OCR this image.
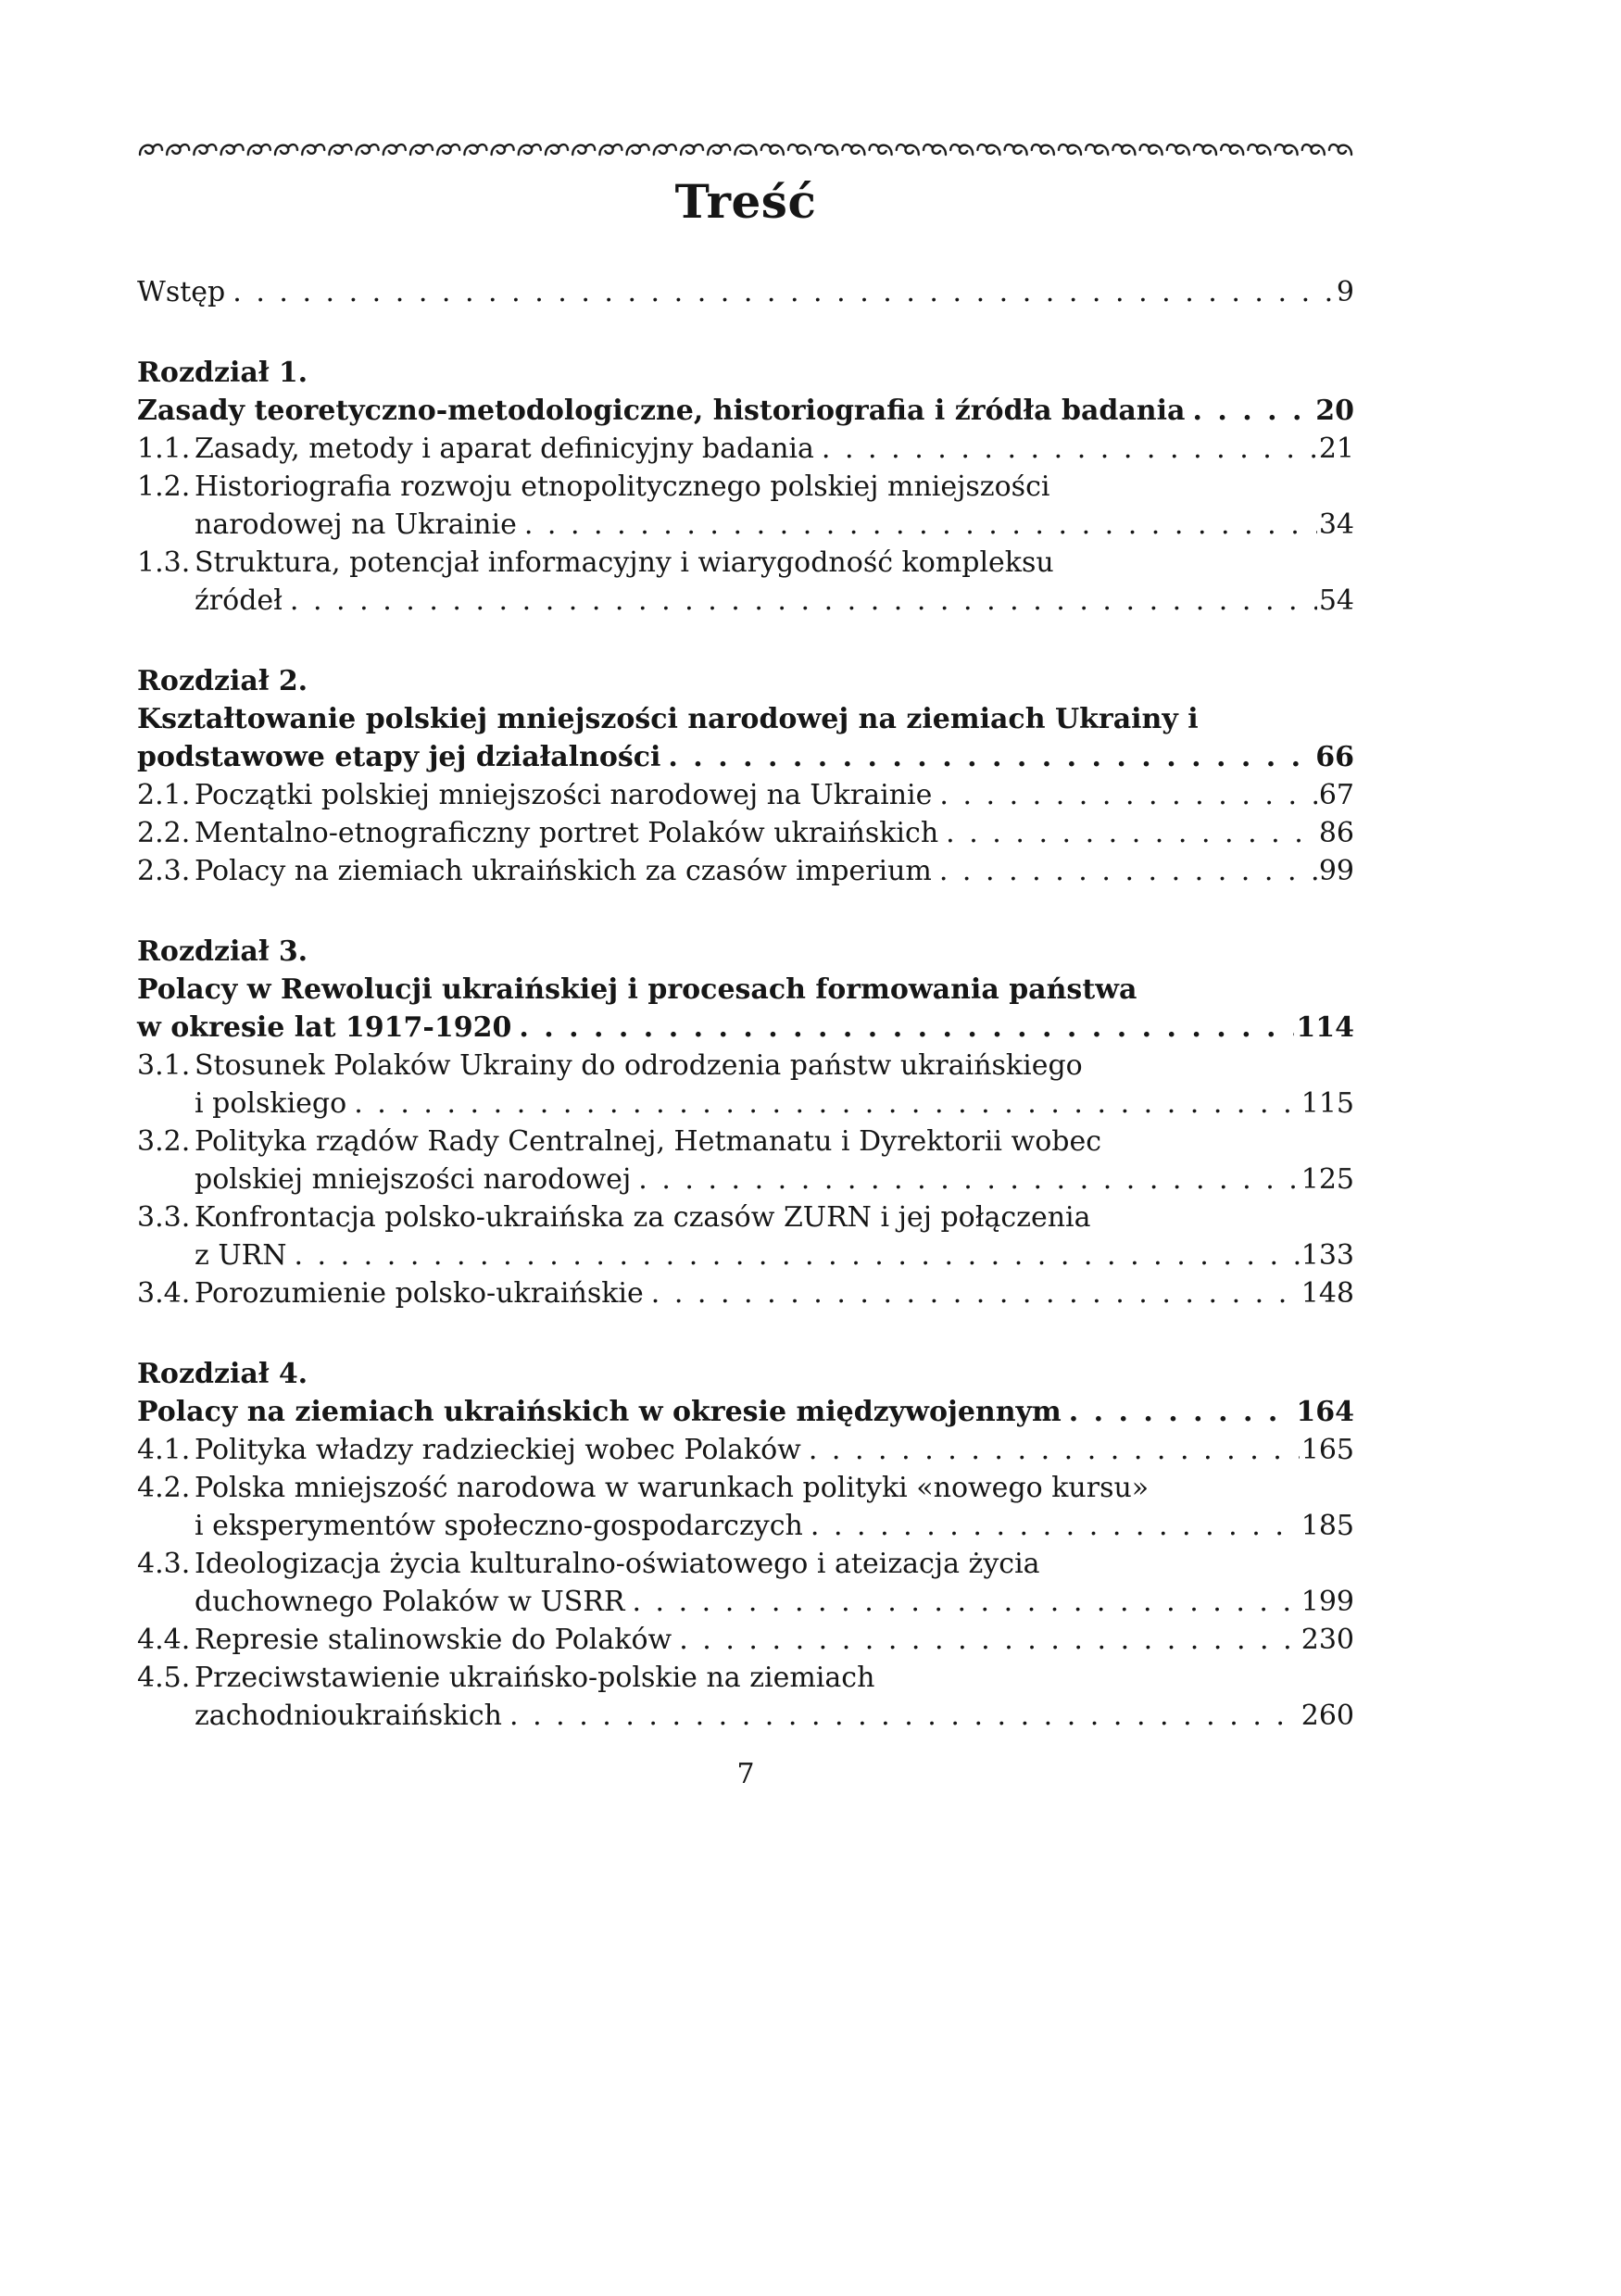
Treść
Wstęp . . .	9
Rozdział 1.
Zasady teoretyczno-metodologiczne, historiografia i źródła badania . . .	20
1.1. Zasady, metody i aparat definicyjny badania . . .	21
1.2. Historiografia rozwoju etnopolitycznego polskiej mniejszości
narodowej na Ukrainie . . .	34
1.3. Struktura, potencjał informacyjny i wiarygodność kompleksu
źródeł . . .	54
Rozdział 2.
Kształtowanie polskiej mniejszości narodowej na ziemiach Ukrainy i
podstawowe etapy jej działalności . . .	66
2.1. Początki polskiej mniejszości narodowej na Ukrainie . . .	67
2.2. Mentalno-etnograficzny portret Polaków ukraińskich . . .	86
2.3. Polacy na ziemiach ukraińskich za czasów imperium . . .	99
Rozdział 3.
Polacy w Rewolucji ukraińskiej i procesach formowania państwa
w okresie lat 1917-1920 . . .	114
3.1. Stosunek Polaków Ukrainy do odrodzenia państw ukraińskiego
i polskiego . . .	115
3.2. Polityka rządów Rady Centralnej, Hetmanatu i Dyrektorii wobec
polskiej mniejszości narodowej . . .	125
3.3. Konfrontacja polsko-ukraińska za czasów ZURN i jej połączenia
z URN . . .	133
3.4. Porozumienie polsko-ukraińskie . . .	148
Rozdział 4.
Polacy na ziemiach ukraińskich w okresie międzywojennym . . .	164
4.1. Polityka władzy radzieckiej wobec Polaków . . .	165
4.2. Polska mniejszość narodowa w warunkach polityki «nowego kursu»
i eksperymentów społeczno-gospodarczych . . .	185
4.3. Ideologizacja życia kulturalno-oświatowego i ateizacja życia
duchownego Polaków w USRR . . .	199
4.4. Represie stalinowskie do Polaków . . .	230
4.5. Przeciwstawienie ukraińsko-polskie na ziemiach
zachodnioukraińskich . . .	260
7
